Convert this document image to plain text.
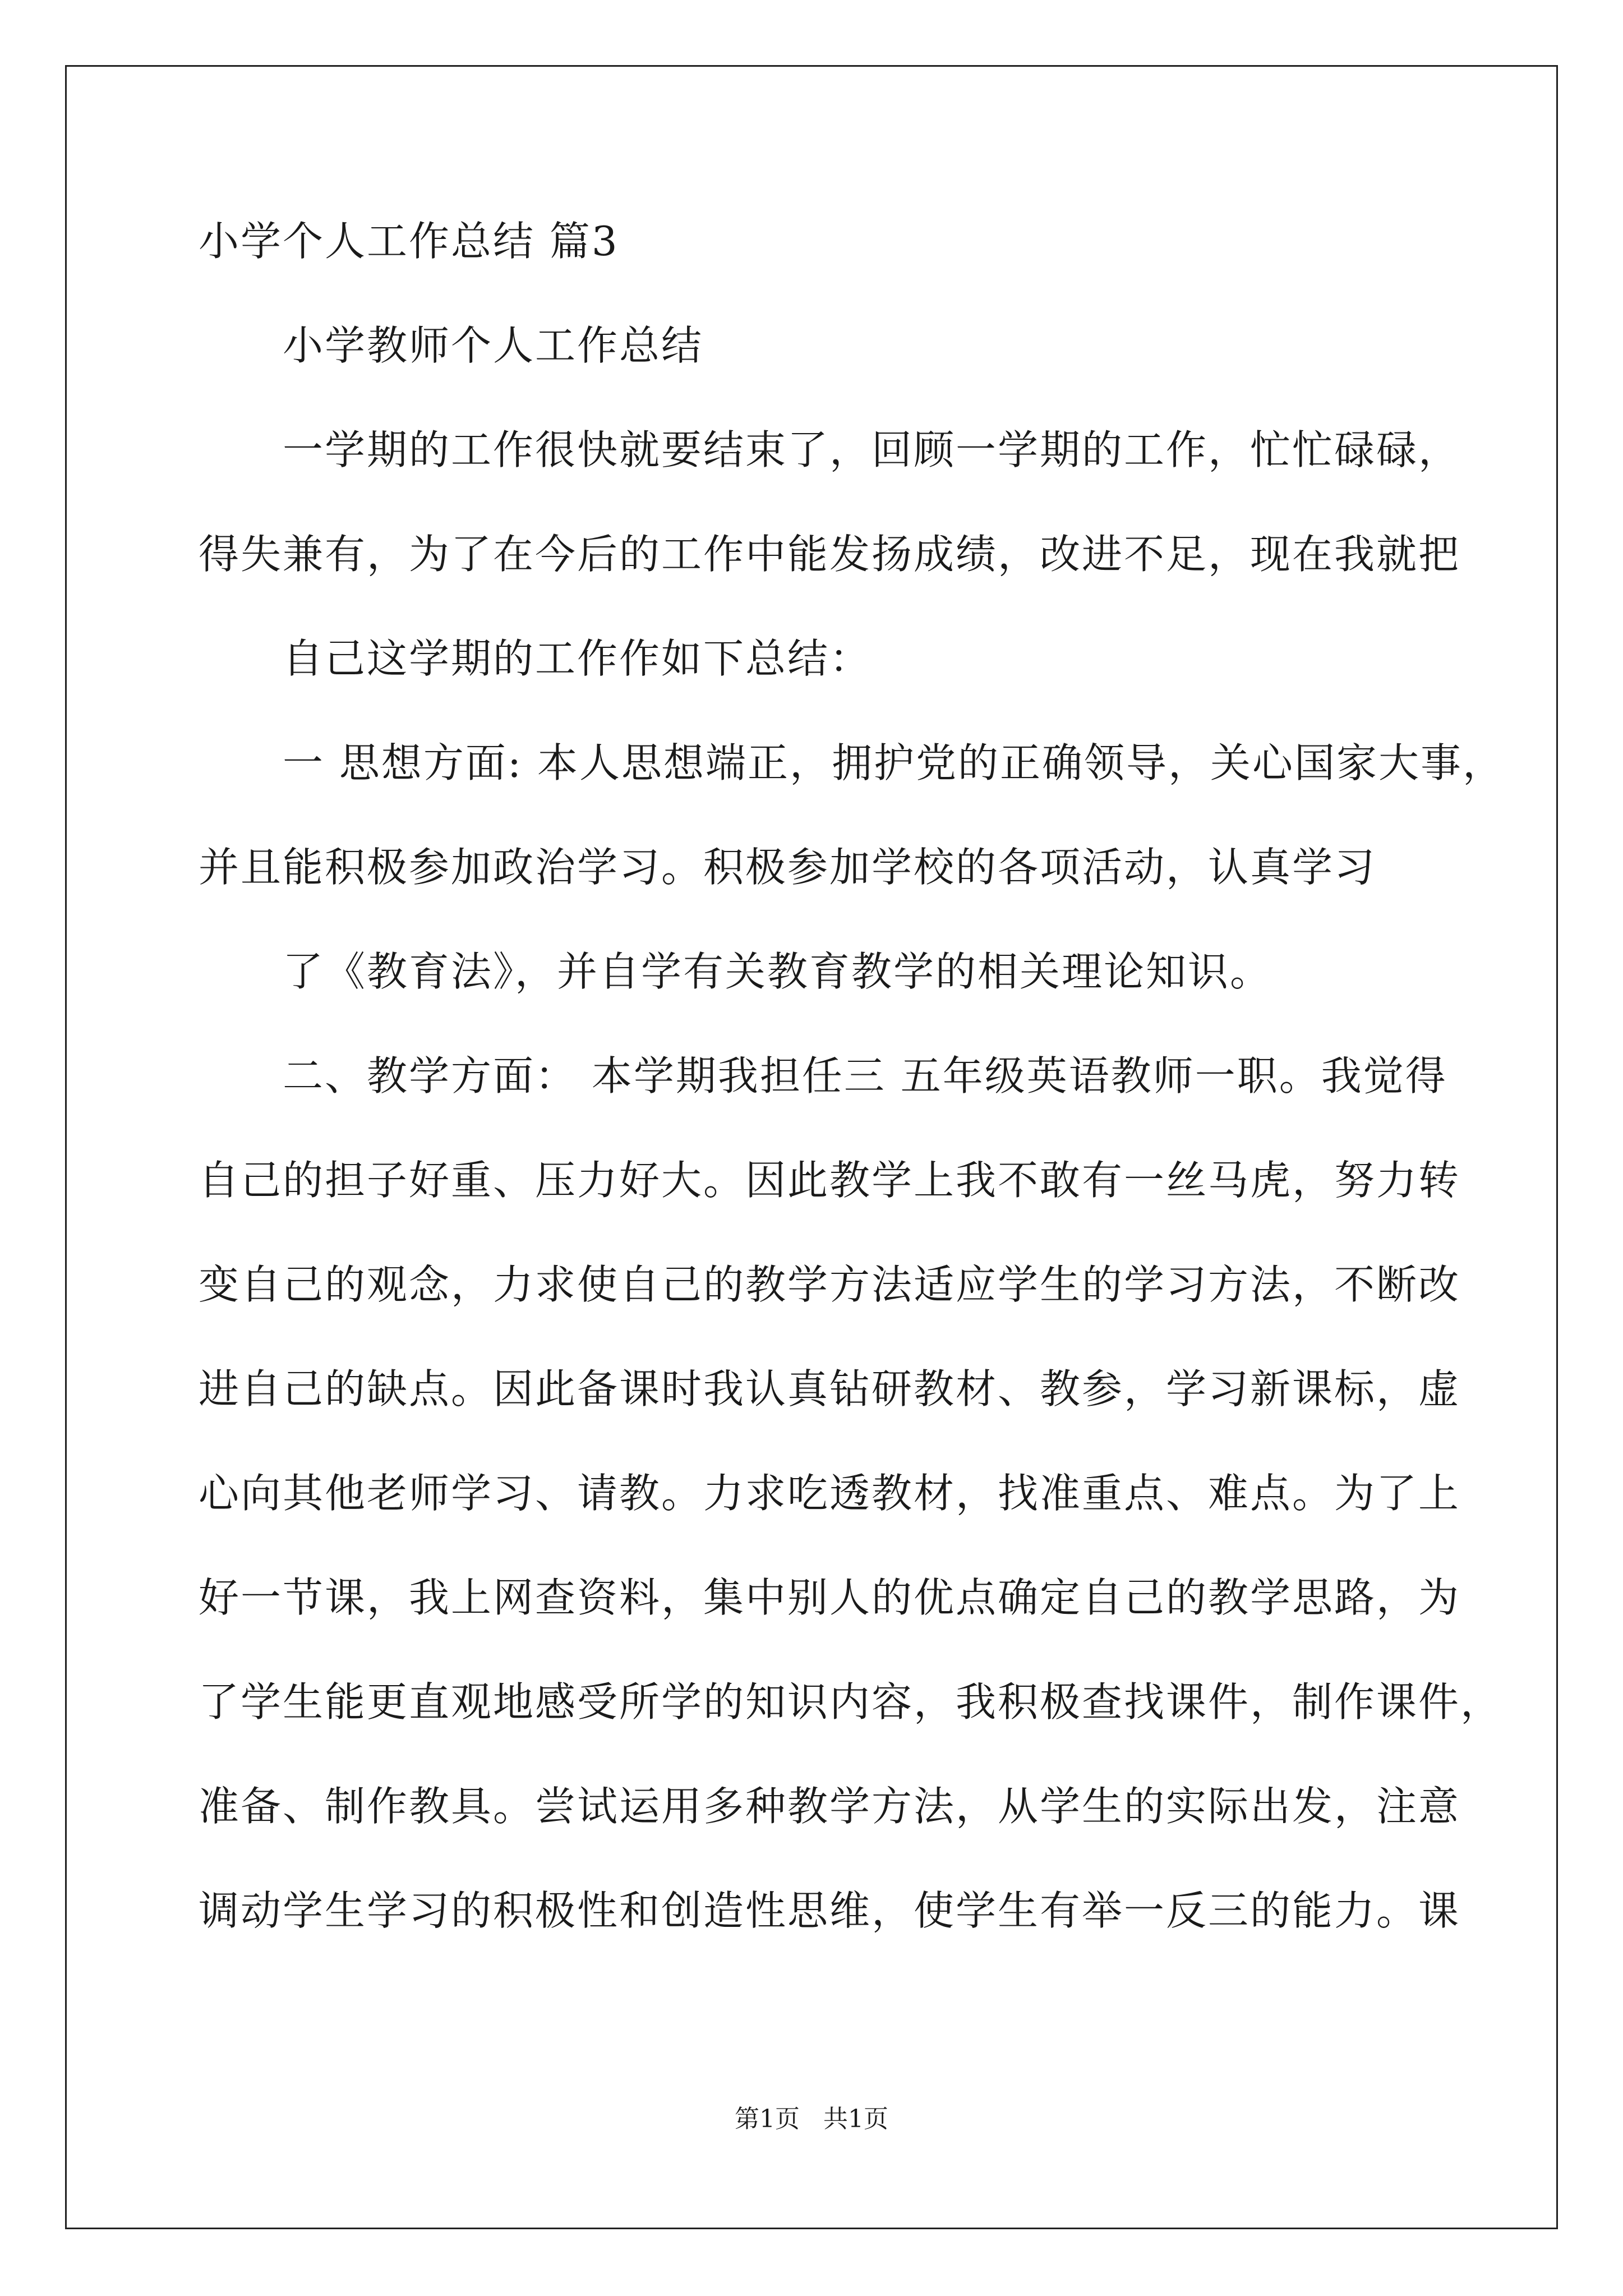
小学个人工作总结 篇3
小学教师个人工作总结
一学期的工作很快就要结束了，回顾一学期的工作，忙忙碌碌，
得失兼有，为了在今后的工作中能发扬成绩，改进不足，现在我就把
自己这学期的工作作如下总结：
一 思想方面: 本人思想端正，拥护党的正确领导，关心国家大事，
并且能积极参加政治学习。积极参加学校的各项活动，认真学习
了《教育法》，并自学有关教育教学的相关理论知识。
二、教学方面： 本学期我担任三 五年级英语教师一职。我觉得
自己的担子好重、压力好大。因此教学上我不敢有一丝马虎，努力转
变自己的观念，力求使自己的教学方法适应学生的学习方法，不断改
进自己的缺点。因此备课时我认真钻研教材、教参，学习新课标，虚
心向其他老师学习、请教。力求吃透教材，找准重点、难点。为了上
好一节课，我上网查资料，集中别人的优点确定自己的教学思路，为
了学生能更直观地感受所学的知识内容，我积极查找课件，制作课件，
准备、制作教具。尝试运用多种教学方法，从学生的实际出发，注意
调动学生学习的积极性和创造性思维，使学生有举一反三的能力。课
第1页   共1页
